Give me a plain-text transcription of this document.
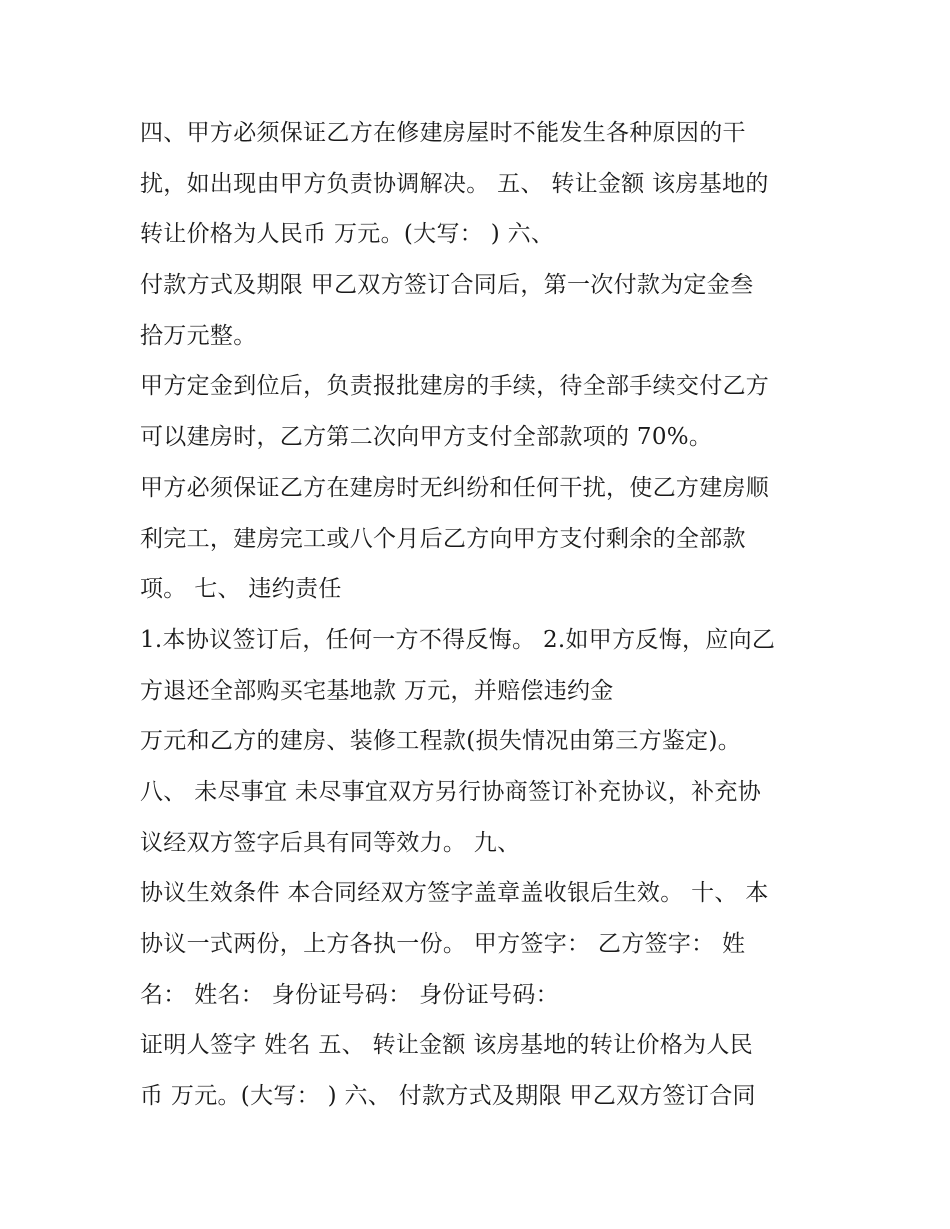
四、甲方必须保证乙方在修建房屋时不能发生各种原因的干
扰，如出现由甲方负责协调解决。 五、 转让金额 该房基地的
转让价格为人民币 万元。(大写： ) 六、
付款方式及期限 甲乙双方签订合同后，第一次付款为定金叁
拾万元整。
甲方定金到位后，负责报批建房的手续，待全部手续交付乙方
可以建房时，乙方第二次向甲方支付全部款项的 70%。
甲方必须保证乙方在建房时无纠纷和任何干扰，使乙方建房顺
利完工，建房完工或八个月后乙方向甲方支付剩余的全部款
项。 七、 违约责任
1.本协议签订后，任何一方不得反悔。 2.如甲方反悔，应向乙
方退还全部购买宅基地款 万元，并赔偿违约金
万元和乙方的建房、装修工程款(损失情况由第三方鉴定)。
八、 未尽事宜 未尽事宜双方另行协商签订补充协议，补充协
议经双方签字后具有同等效力。 九、
协议生效条件 本合同经双方签字盖章盖收银后生效。 十、 本
协议一式两份，上方各执一份。 甲方签字： 乙方签字： 姓
名： 姓名： 身份证号码： 身份证号码：
证明人签字 姓名 五、 转让金额 该房基地的转让价格为人民
币 万元。(大写： ) 六、 付款方式及期限 甲乙双方签订合同
